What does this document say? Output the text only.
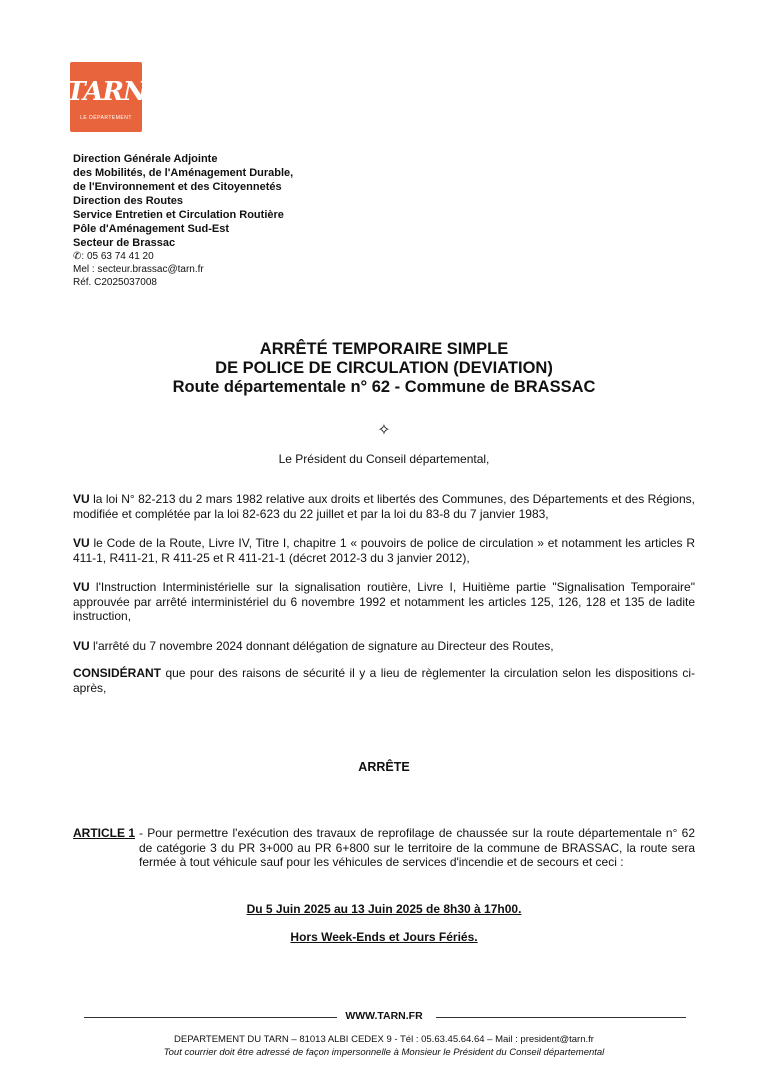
TARN
LE DÉPARTEMENT
Direction Générale Adjointe
des Mobilités, de l'Aménagement Durable,
de l'Environnement et des Citoyennetés
Direction des Routes
Service Entretien et Circulation Routière
Pôle d'Aménagement Sud-Est
Secteur de Brassac
✆: 05 63 74 41 20
Mel : secteur.brassac@tarn.fr
Réf. C2025037008
ARRÊTÉ TEMPORAIRE SIMPLE
DE POLICE DE CIRCULATION (DEVIATION)
Route départementale n° 62 - Commune de BRASSAC
✧
Le Président du Conseil départemental,
VU la loi N° 82-213 du 2 mars 1982 relative aux droits et libertés des Communes, des Départements et des Régions, modifiée et complétée par la loi 82-623 du 22 juillet et par la loi du 83-8 du 7 janvier 1983,
VU le Code de la Route, Livre IV, Titre I, chapitre 1 « pouvoirs de police de circulation » et notamment les articles R 411-1, R411-21, R 411-25 et R 411-21-1 (décret 2012-3 du 3 janvier 2012),
VU l'Instruction Interministérielle sur la signalisation routière, Livre I, Huitième partie "Signalisation Temporaire" approuvée par arrêté interministériel du 6 novembre 1992 et notamment les articles 125, 126, 128 et 135 de ladite instruction,
VU l'arrêté du 7 novembre 2024 donnant délégation de signature au Directeur des Routes,
CONSIDÉRANT que pour des raisons de sécurité il y a lieu de règlementer la circulation selon les dispositions ci-après,
ARRÊTE
ARTICLE 1 - Pour permettre l'exécution des travaux de reprofilage de chaussée sur la route départementale n° 62 de catégorie 3 du PR 3+000 au PR 6+800 sur le territoire de la commune de BRASSAC, la route sera fermée à tout véhicule sauf pour les véhicules de services d'incendie et de secours et ceci :
Du 5 Juin 2025 au 13 Juin 2025 de 8h30 à 17h00.
Hors Week-Ends et Jours Fériés.
WWW.TARN.FR
DEPARTEMENT DU TARN – 81013 ALBI CEDEX 9 - Tél : 05.63.45.64.64 – Mail : president@tarn.fr
Tout courrier doit être adressé de façon impersonnelle à Monsieur le Président du Conseil départemental
